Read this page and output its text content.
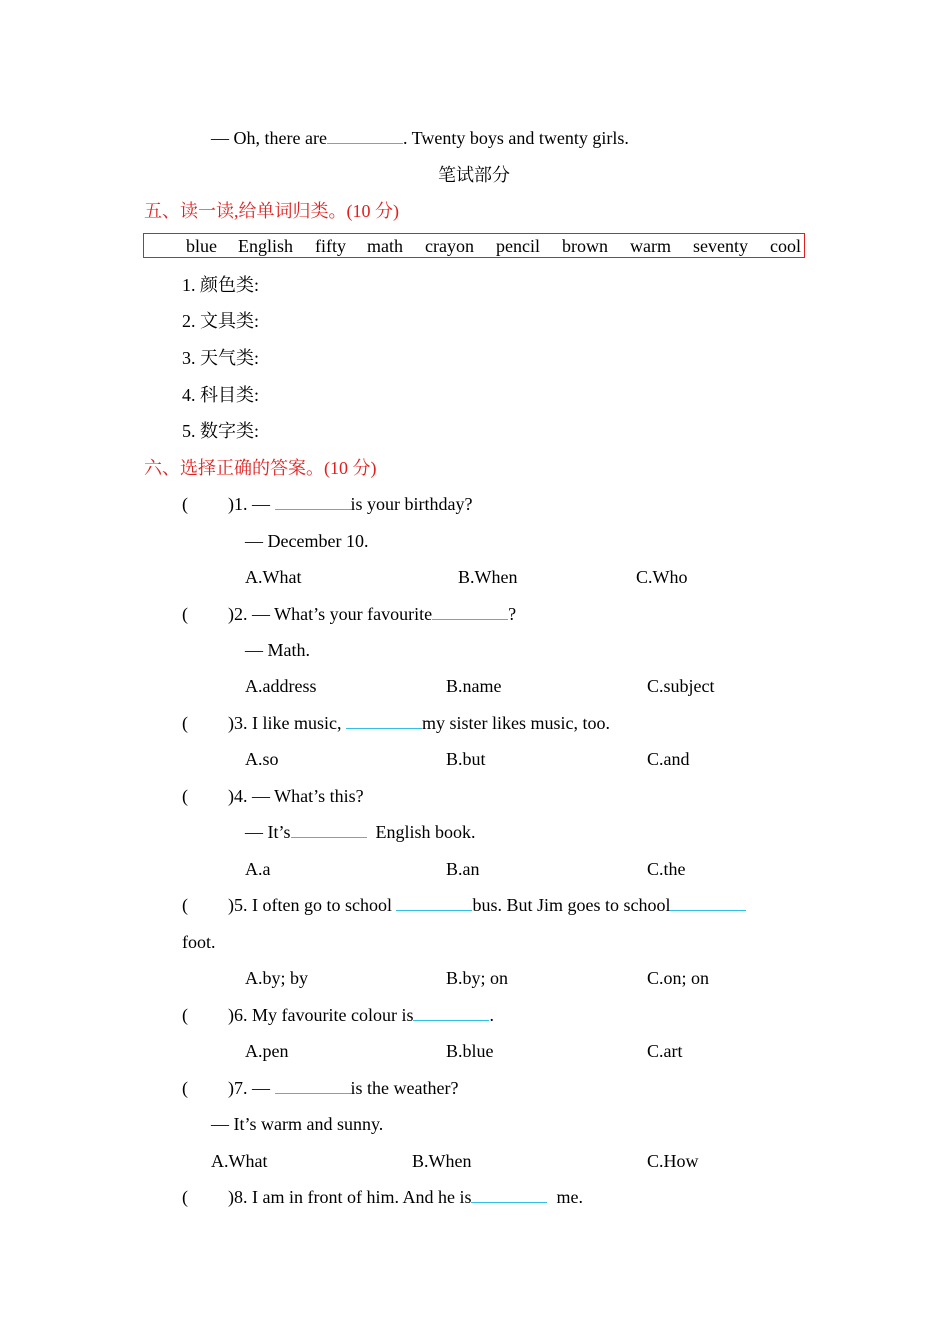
— Oh, there are	. Twenty boys and twenty girls.
笔试部分
五、读一读,给单词归类。(10 分)
blue English fifty math crayon pencil brown warm seventy cool
1. 颜色类:
2. 文具类:
3. 天气类:
4. 科目类:
5. 数字类:
六、选择正确的答案。(10 分)
( )1. —	is your birthday?
— December 10.
A.What	B.When	C.Who
( )2. — What’s your favourite	?
— Math.
A.address	B.name	C.subject
( )3. I like music,	my sister likes music, too.
A.so	B.but	C.and
( )4. — What’s this?
— It’s	English book.
A.a	B.an	C.the
( )5. I often go to school	bus. But Jim goes to school
foot.
A.by; by	B.by; on	C.on; on
( )6. My favourite colour is	.
A.pen	B.blue	C.art
( )7. —	is the weather?
— It’s warm and sunny.
A.What	B.When	C.How
( )8. I am in front of him. And he is	me.
